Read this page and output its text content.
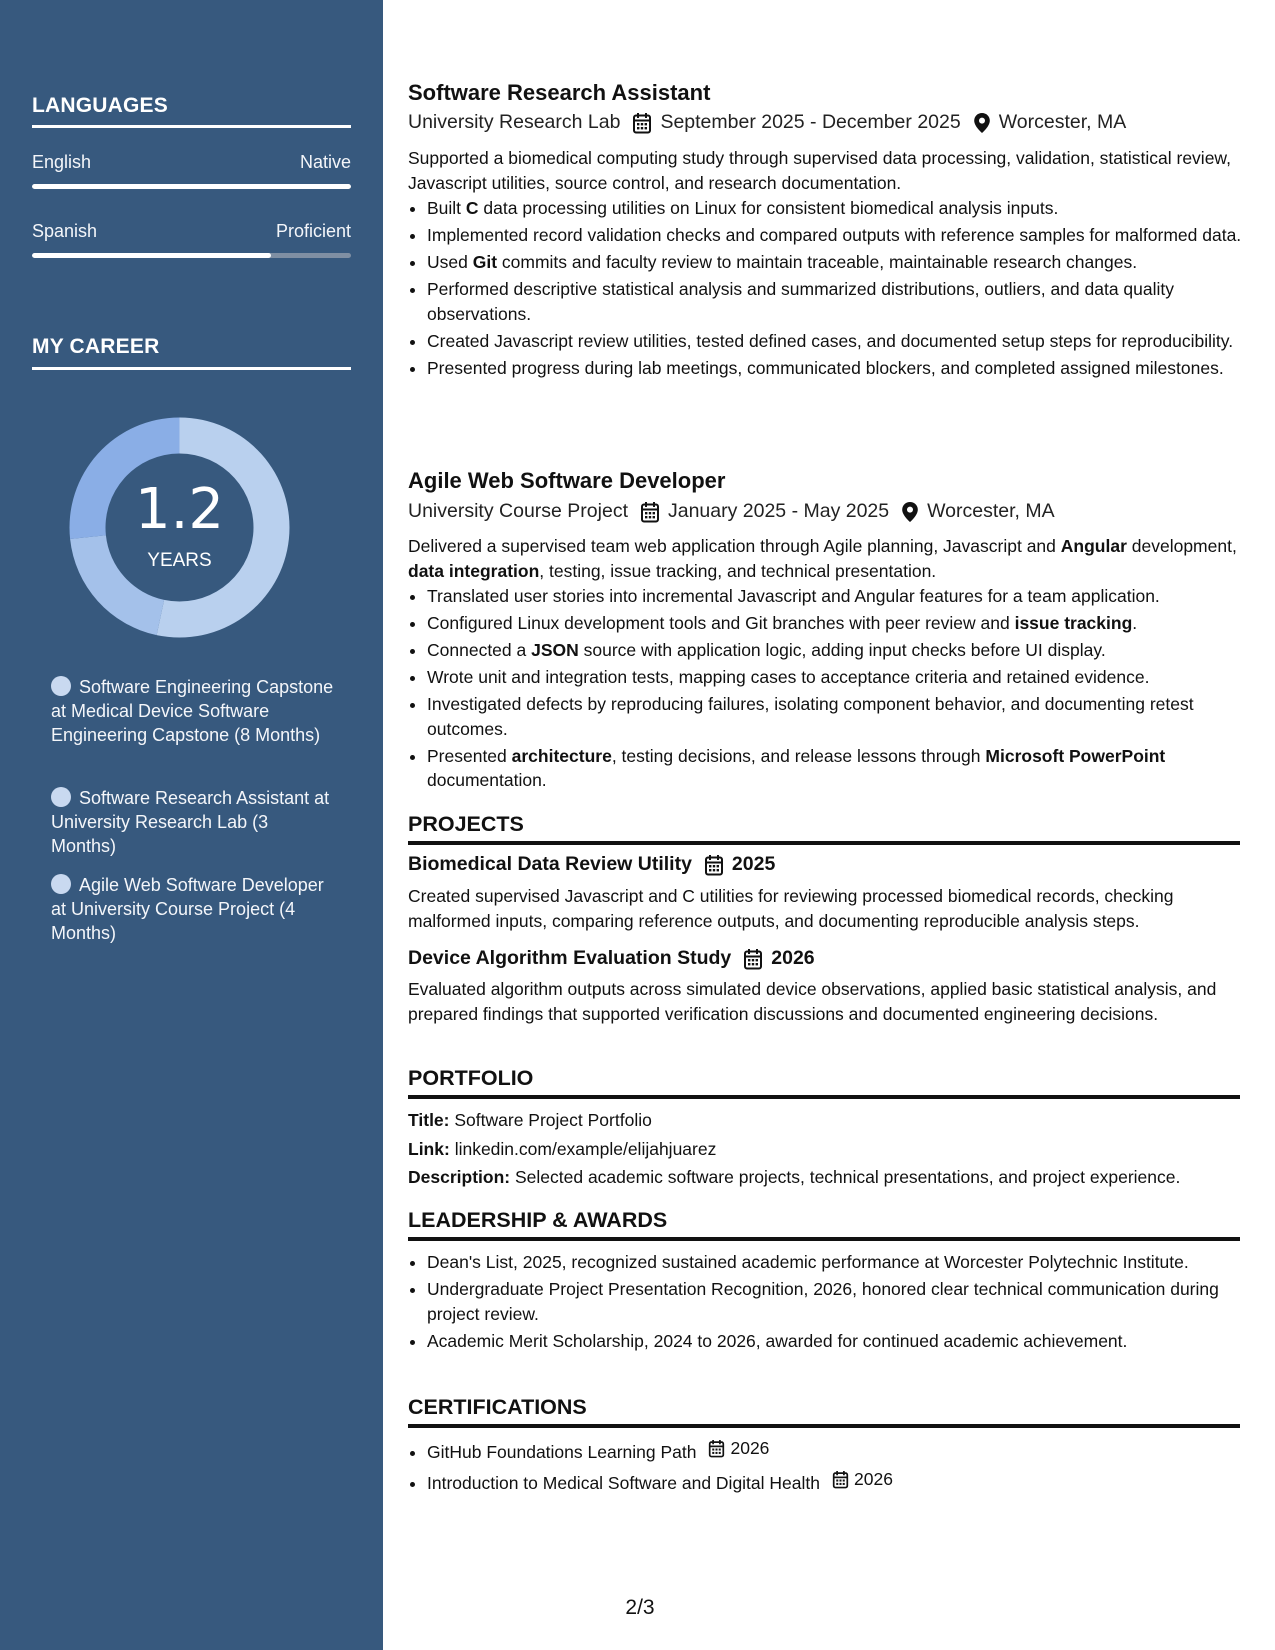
LANGUAGES
English	Native
Spanish	Proficient
MY CAREER
1.2
YEARS
Software Engineering Capstone at Medical Device Software Engineering Capstone (8 Months)
Software Research Assistant at University Research Lab (3 Months)
Agile Web Software Developer at University Course Project (4 Months)
Software Research Assistant
University Research Lab September 2025 - December 2025 Worcester, MA
Supported a biomedical computing study through supervised data processing, validation, statistical review, Javascript utilities, source control, and research documentation.
• Built C data processing utilities on Linux for consistent biomedical analysis inputs.
• Implemented record validation checks and compared outputs with reference samples for malformed data.
• Used Git commits and faculty review to maintain traceable, maintainable research changes.
• Performed descriptive statistical analysis and summarized distributions, outliers, and data quality observations.
• Created Javascript review utilities, tested defined cases, and documented setup steps for reproducibility.
• Presented progress during lab meetings, communicated blockers, and completed assigned milestones.
Agile Web Software Developer
University Course Project January 2025 - May 2025 Worcester, MA
Delivered a supervised team web application through Agile planning, Javascript and Angular development, data integration, testing, issue tracking, and technical presentation.
• Translated user stories into incremental Javascript and Angular features for a team application.
• Configured Linux development tools and Git branches with peer review and issue tracking.
• Connected a JSON source with application logic, adding input checks before UI display.
• Wrote unit and integration tests, mapping cases to acceptance criteria and retained evidence.
• Investigated defects by reproducing failures, isolating component behavior, and documenting retest outcomes.
• Presented architecture, testing decisions, and release lessons through Microsoft PowerPoint documentation.
PROJECTS
Biomedical Data Review Utility 2025
Created supervised Javascript and C utilities for reviewing processed biomedical records, checking malformed inputs, comparing reference outputs, and documenting reproducible analysis steps.
Device Algorithm Evaluation Study 2026
Evaluated algorithm outputs across simulated device observations, applied basic statistical analysis, and prepared findings that supported verification discussions and documented engineering decisions.
PORTFOLIO
Title: Software Project Portfolio
Link: linkedin.com/example/elijahjuarez
Description: Selected academic software projects, technical presentations, and project experience.
LEADERSHIP & AWARDS
• Dean's List, 2025, recognized sustained academic performance at Worcester Polytechnic Institute.
• Undergraduate Project Presentation Recognition, 2026, honored clear technical communication during project review.
• Academic Merit Scholarship, 2024 to 2026, awarded for continued academic achievement.
CERTIFICATIONS
• GitHub Foundations Learning Path 2026
• Introduction to Medical Software and Digital Health 2026
2/3
